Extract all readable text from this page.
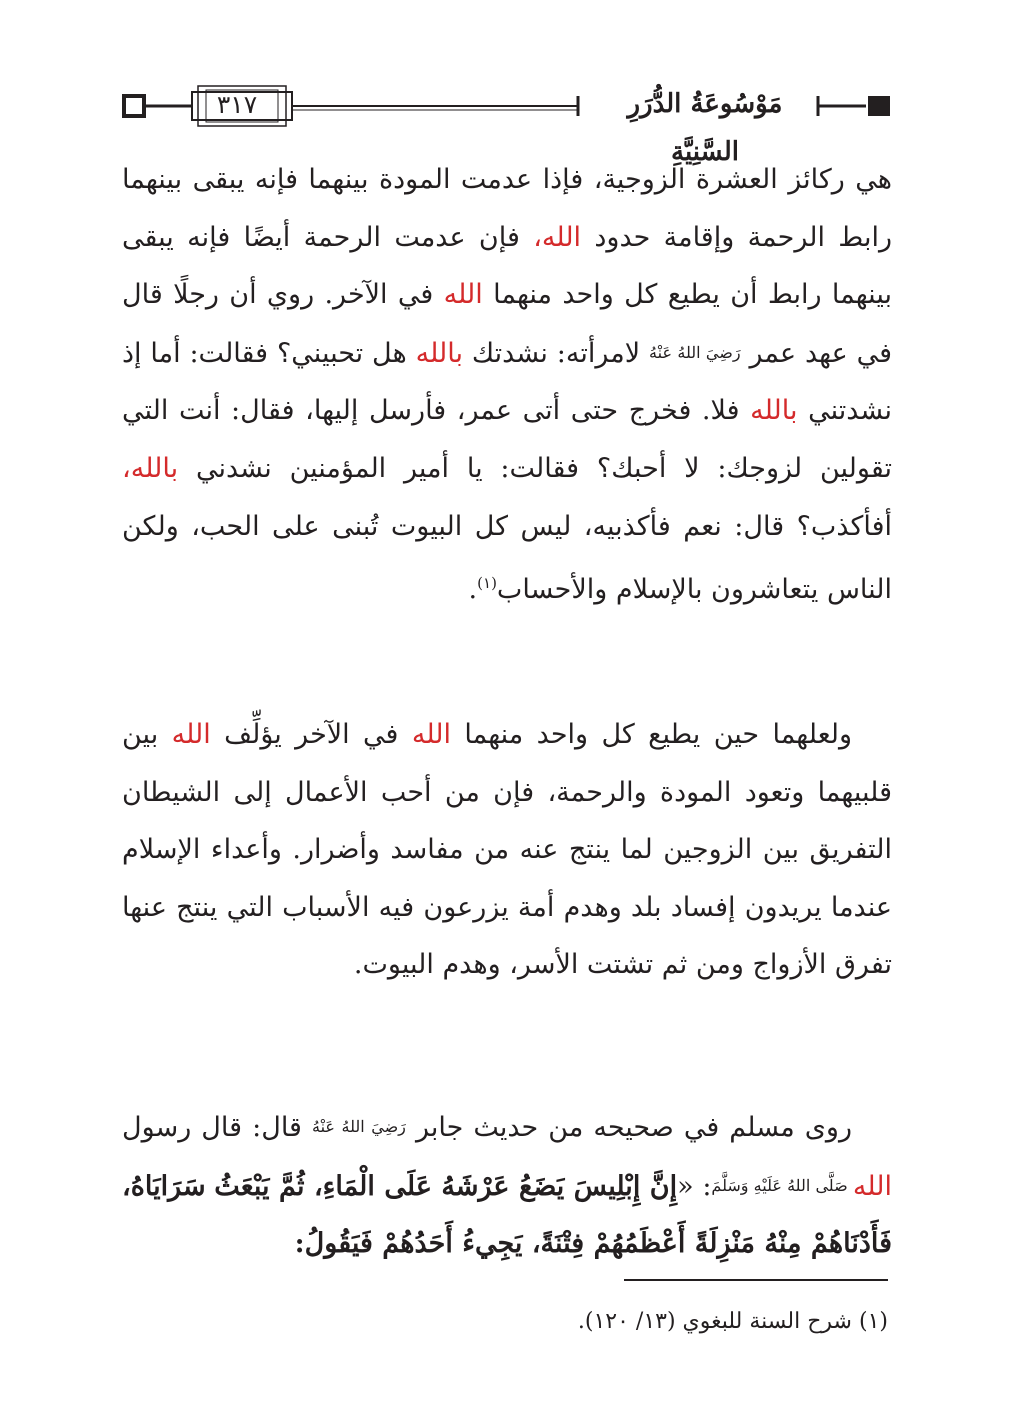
٣١٧	مَوْسُوعَةُ الدُّرَرِ السَّنِيَّةِ
هي ركائز العشرة الزوجية، فإذا عدمت المودة بينهما فإنه يبقى بينهما رابط الرحمة وإقامة حدود الله، فإن عدمت الرحمة أيضًا فإنه يبقى بينهما رابط أن يطيع كل واحد منهما الله في الآخر. روي أن رجلًا قال في عهد عمر رَضِيَ اللهُ عَنْهُ لامرأته: نشدتك بالله هل تحبيني؟ فقالت: أما إذ نشدتني بالله فلا. فخرج حتى أتى عمر، فأرسل إليها، فقال: أنت التي تقولين لزوجك: لا أحبك؟ فقالت: يا أمير المؤمنين نشدني بالله، أفأكذب؟ قال: نعم فأكذبيه، ليس كل البيوت تُبنى على الحب، ولكن الناس يتعاشرون بالإسلام والأحساب$^{(١)}$.
ولعلهما حين يطيع كل واحد منهما الله في الآخر يؤلِّف الله بين قلبيهما وتعود المودة والرحمة، فإن من أحب الأعمال إلى الشيطان التفريق بين الزوجين لما ينتج عنه من مفاسد وأضرار. وأعداء الإسلام عندما يريدون إفساد بلد وهدم أمة يزرعون فيه الأسباب التي ينتج عنها تفرق الأزواج ومن ثم تشتت الأسر، وهدم البيوت.
روى مسلم في صحيحه من حديث جابر رَضِيَ اللهُ عَنْهُ قال: قال رسول الله صَلَّى اللهُ عَلَيْهِ وَسَلَّمَ: «إِنَّ إِبْلِيسَ يَضَعُ عَرْشَهُ عَلَى الْمَاءِ، ثُمَّ يَبْعَثُ سَرَايَاهُ، فَأَدْنَاهُمْ مِنْهُ مَنْزِلَةً أَعْظَمُهُمْ فِتْنَةً، يَجِيءُ أَحَدُهُمْ فَيَقُولُ:
(١) شرح السنة للبغوي (١٣/ ١٢٠).
